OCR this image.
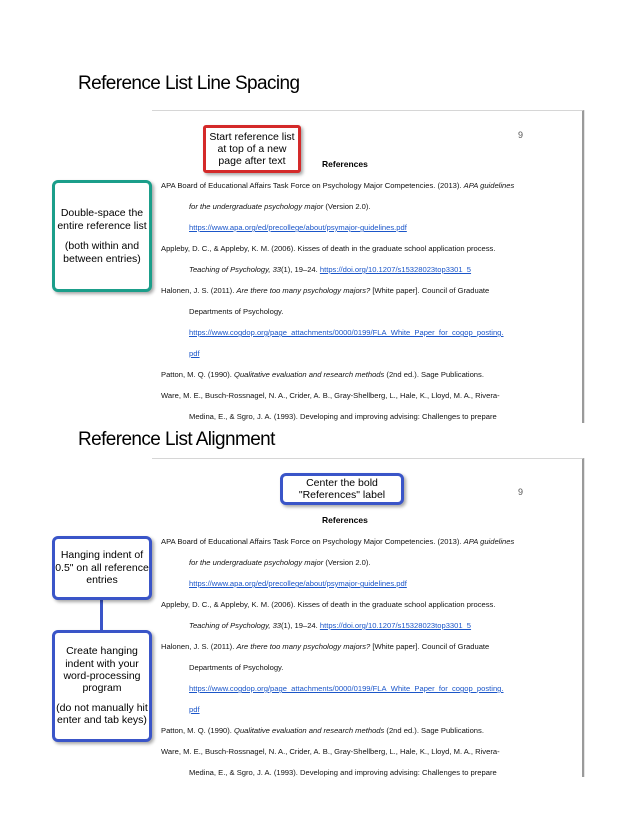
Reference List Line Spacing
9
References
APA Board of Educational Affairs Task Force on Psychology Major Competencies. (2013). APA guidelines
for the undergraduate psychology major (Version 2.0).
https://www.apa.org/ed/precollege/about/psymajor-guidelines.pdf
Appleby, D. C., & Appleby, K. M. (2006). Kisses of death in the graduate school application process.
Teaching of Psychology, 33(1), 19–24. https://doi.org/10.1207/s15328023top3301_5
Halonen, J. S. (2011). Are there too many psychology majors? [White paper]. Council of Graduate
Departments of Psychology.
https://www.cogdop.org/page_attachments/0000/0199/FLA_White_Paper_for_cogop_posting.
pdf
Patton, M. Q. (1990). Qualitative evaluation and research methods (2nd ed.). Sage Publications.
Ware, M. E., Busch-Rossnagel, N. A., Crider, A. B., Gray-Shellberg, L., Hale, K., Lloyd, M. A., Rivera-
Medina, E., & Sgro, J. A. (1993). Developing and improving advising: Challenges to prepare
Start reference list
at top of a new
page after text
Double-space the
entire reference list
(both within and
between entries)
Reference List Alignment
9
References
APA Board of Educational Affairs Task Force on Psychology Major Competencies. (2013). APA guidelines
for the undergraduate psychology major (Version 2.0).
https://www.apa.org/ed/precollege/about/psymajor-guidelines.pdf
Appleby, D. C., & Appleby, K. M. (2006). Kisses of death in the graduate school application process.
Teaching of Psychology, 33(1), 19–24. https://doi.org/10.1207/s15328023top3301_5
Halonen, J. S. (2011). Are there too many psychology majors? [White paper]. Council of Graduate
Departments of Psychology.
https://www.cogdop.org/page_attachments/0000/0199/FLA_White_Paper_for_cogop_posting.
pdf
Patton, M. Q. (1990). Qualitative evaluation and research methods (2nd ed.). Sage Publications.
Ware, M. E., Busch-Rossnagel, N. A., Crider, A. B., Gray-Shellberg, L., Hale, K., Lloyd, M. A., Rivera-
Medina, E., & Sgro, J. A. (1993). Developing and improving advising: Challenges to prepare
Center the bold
"References" label
Hanging indent of
0.5" on all reference
entries
Create hanging
indent with your
word-processing
program
(do not manually hit
enter and tab keys)
